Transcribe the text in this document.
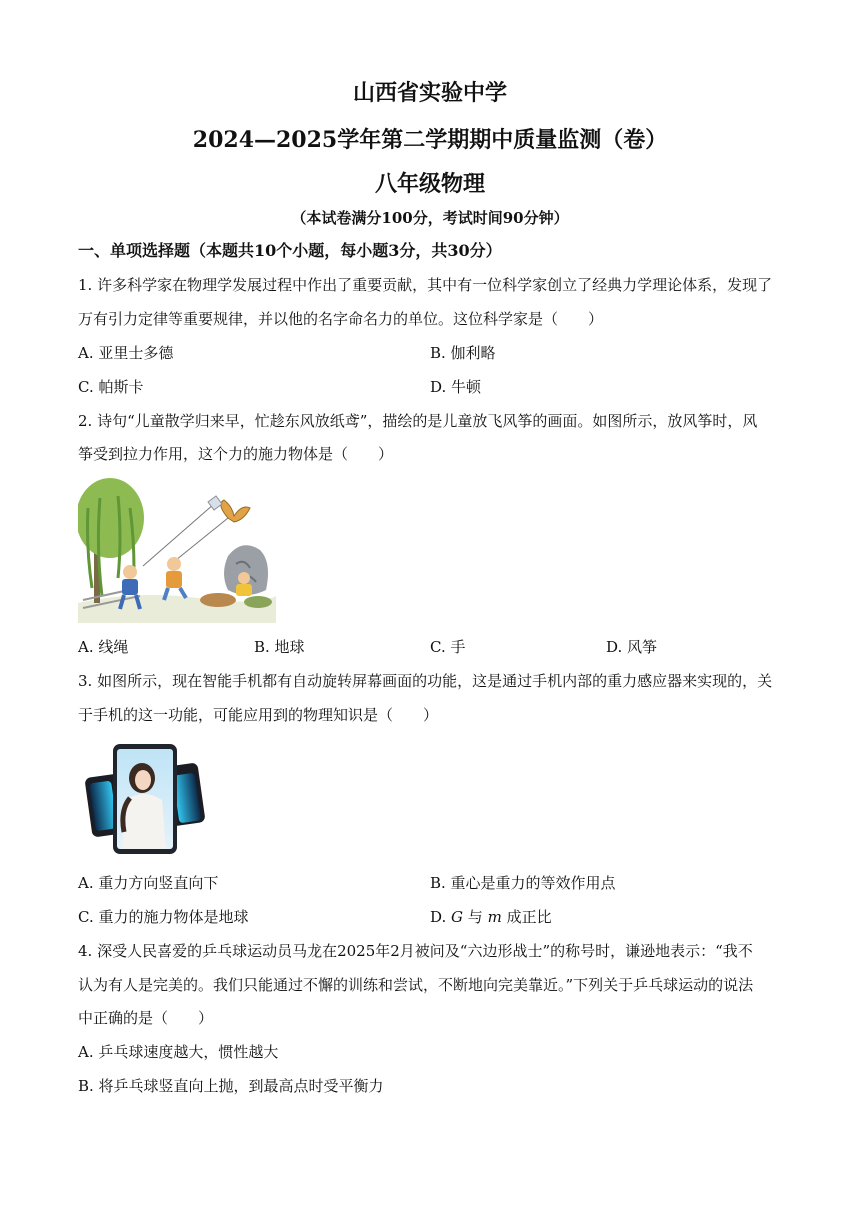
山西省实验中学
2024—2025学年第二学期期中质量监测（卷）
八年级物理
（本试卷满分100分，考试时间90分钟）
一、单项选择题（本题共10个小题，每小题3分，共30分）
1. 许多科学家在物理学发展过程中作出了重要贡献，其中有一位科学家创立了经典力学理论体系，发现了
万有引力定律等重要规律，并以他的名字命名力的单位。这位科学家是（　　）
A. 亚里士多德	B. 伽利略
C. 帕斯卡	D. 牛顿
2. 诗句“儿童散学归来早，忙趁东风放纸鸢”，描绘的是儿童放飞风筝的画面。如图所示，放风筝时，风
筝受到拉力作用，这个力的施力物体是（　　）
A. 线绳	B. 地球	C. 手	D. 风筝
3. 如图所示，现在智能手机都有自动旋转屏幕画面的功能，这是通过手机内部的重力感应器来实现的，关
于手机的这一功能，可能应用到的物理知识是（　　）
A. 重力方向竖直向下	B. 重心是重力的等效作用点
C. 重力的施力物体是地球	D. G 与 m 成正比
4. 深受人民喜爱的乒乓球运动员马龙在2025年2月被问及“六边形战士”的称号时，谦逊地表示：“我不
认为有人是完美的。我们只能通过不懈的训练和尝试，不断地向完美靠近。”下列关于乒乓球运动的说法
中正确的是（　　）
A. 乒乓球速度越大，惯性越大
B. 将乒乓球竖直向上抛，到最高点时受平衡力
